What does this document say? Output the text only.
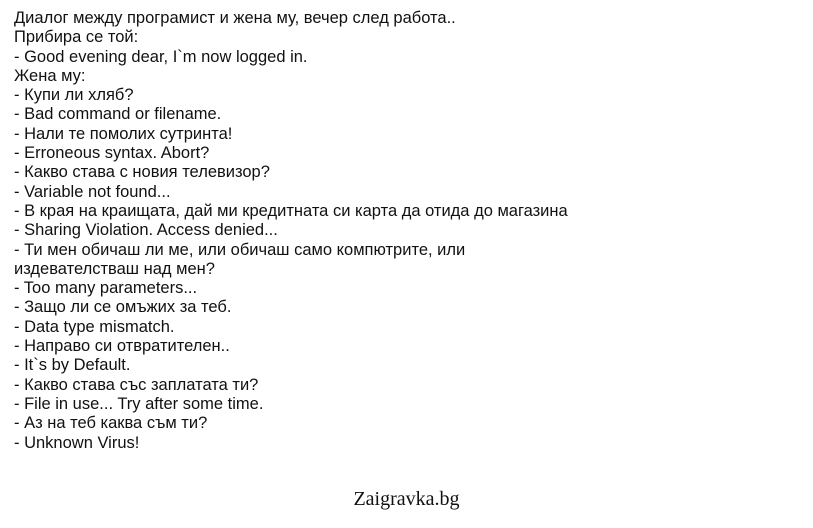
Диалог между програмист и жена му, вечер след работа..
Прибира се той:
- Good evening dear, I`m now logged in.
Жена му:
- Купи ли хляб?
- Bad command or filename.
- Нали те помолих сутринта!
- Erroneous syntax. Abort?
- Какво става с новия телевизор?
- Variable not found...
- В края на краищата, дай ми кредитната си карта да отида до магазина
- Sharing Violation. Access denied...
- Ти мен обичаш ли ме, или обичаш само компютрите, или издевателстваш над мен?
- Too many parameters...
- Защо ли се омъжих за теб.
- Data type mismatch.
- Направо си отвратителен..
- It`s by Default.
- Какво става със заплатата ти?
- File in use... Try after some time.
- Аз на теб каква съм ти?
- Unknown Virus!
Zaigravka.bg
